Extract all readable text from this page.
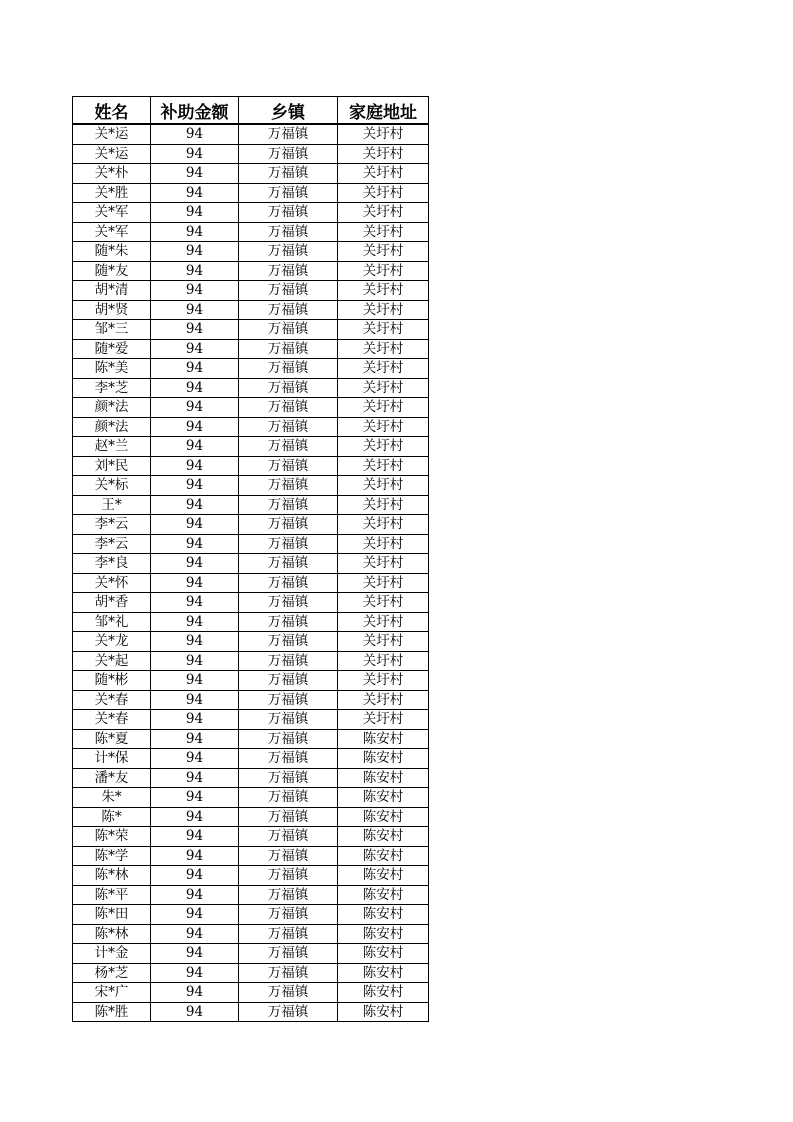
姓名	补助金额	乡镇	家庭地址
关*运	94	万福镇	关圩村
关*运	94	万福镇	关圩村
关*朴	94	万福镇	关圩村
关*胜	94	万福镇	关圩村
关*军	94	万福镇	关圩村
关*军	94	万福镇	关圩村
随*朱	94	万福镇	关圩村
随*友	94	万福镇	关圩村
胡*清	94	万福镇	关圩村
胡*贤	94	万福镇	关圩村
邹*三	94	万福镇	关圩村
随*爱	94	万福镇	关圩村
陈*美	94	万福镇	关圩村
李*芝	94	万福镇	关圩村
颜*法	94	万福镇	关圩村
颜*法	94	万福镇	关圩村
赵*兰	94	万福镇	关圩村
刘*民	94	万福镇	关圩村
关*标	94	万福镇	关圩村
王*	94	万福镇	关圩村
李*云	94	万福镇	关圩村
李*云	94	万福镇	关圩村
李*良	94	万福镇	关圩村
关*怀	94	万福镇	关圩村
胡*香	94	万福镇	关圩村
邹*礼	94	万福镇	关圩村
关*龙	94	万福镇	关圩村
关*起	94	万福镇	关圩村
随*彬	94	万福镇	关圩村
关*春	94	万福镇	关圩村
关*春	94	万福镇	关圩村
陈*夏	94	万福镇	陈安村
计*保	94	万福镇	陈安村
潘*友	94	万福镇	陈安村
朱*	94	万福镇	陈安村
陈*	94	万福镇	陈安村
陈*荣	94	万福镇	陈安村
陈*学	94	万福镇	陈安村
陈*林	94	万福镇	陈安村
陈*平	94	万福镇	陈安村
陈*田	94	万福镇	陈安村
陈*林	94	万福镇	陈安村
计*金	94	万福镇	陈安村
杨*芝	94	万福镇	陈安村
宋*广	94	万福镇	陈安村
陈*胜	94	万福镇	陈安村
